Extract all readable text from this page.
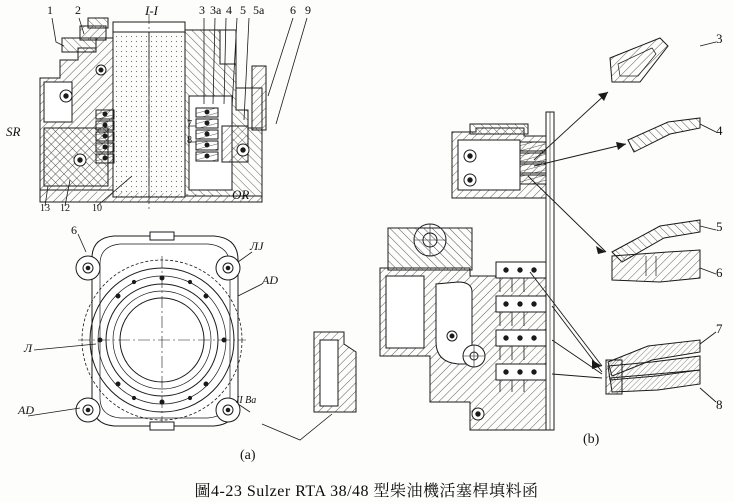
1 2	I-I	3 3a 4 5 5a 6 9
SR
OR
13 12 10
7
8
6
ЛJ
AD
Л
AD
II Ba
3
4
5
6
7
8
(a)
(b)
圖4-23 Sulzer RTA 38/48 型柴油機活塞桿填料函
